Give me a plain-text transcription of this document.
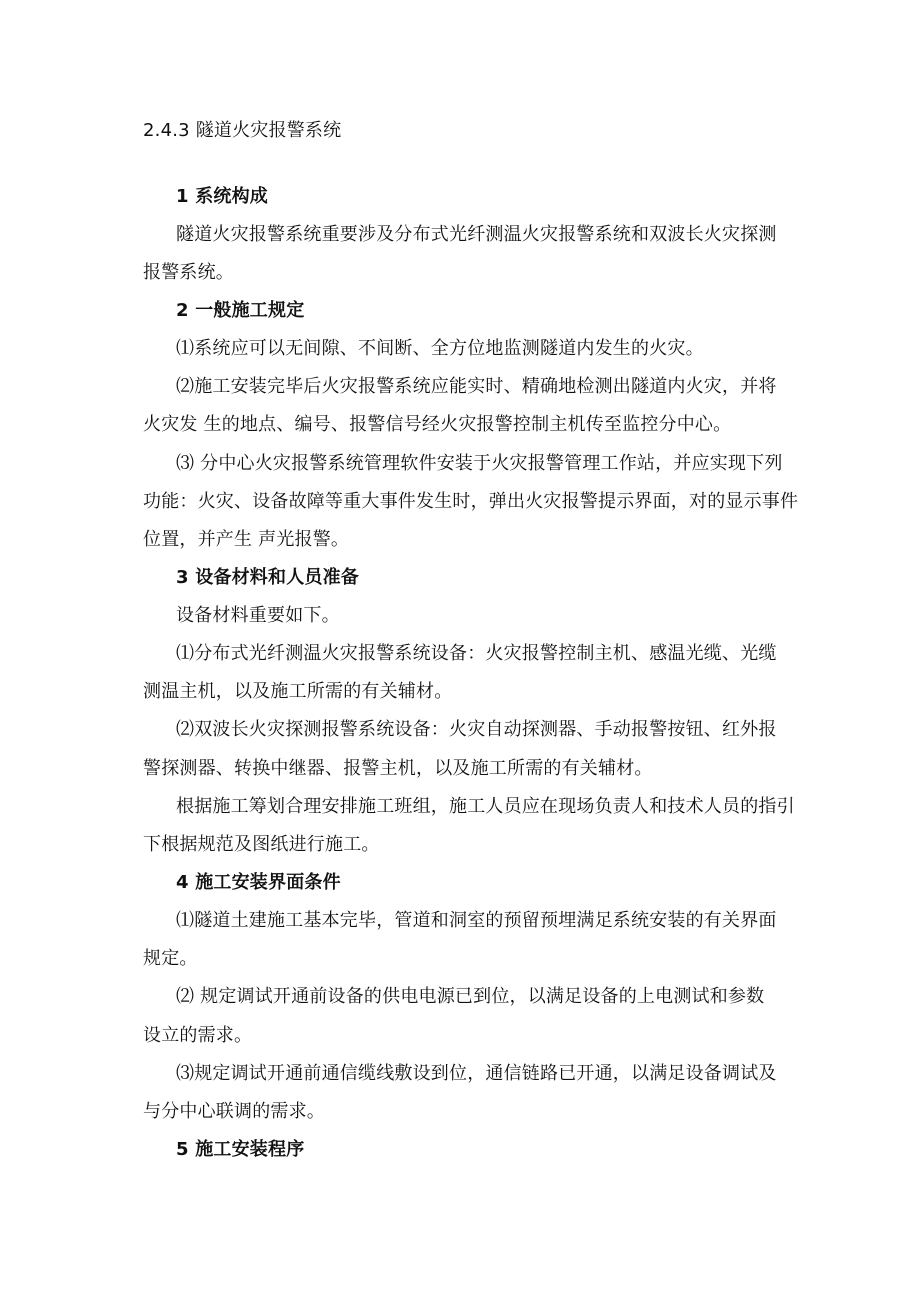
2.4.3 隧道火灾报警系统
1 系统构成
隧道火灾报警系统重要涉及分布式光纤测温火灾报警系统和双波长火灾探测
报警系统。
2 一般施工规定
⑴系统应可以无间隙、不间断、全方位地监测隧道内发生的火灾。
⑵施工安装完毕后火灾报警系统应能实时、精确地检测出隧道内火灾，并将
火灾发 生的地点、编号、报警信号经火灾报警控制主机传至监控分中心。
⑶ 分中心火灾报警系统管理软件安装于火灾报警管理工作站，并应实现下列
功能：火灾、设备故障等重大事件发生时，弹出火灾报警提示界面，对的显示事件
位置，并产生 声光报警。
3 设备材料和人员准备
设备材料重要如下。
⑴分布式光纤测温火灾报警系统设备：火灾报警控制主机、感温光缆、光缆
测温主机，以及施工所需的有关辅材。
⑵双波长火灾探测报警系统设备：火灾自动探测器、手动报警按钮、红外报
警探测器、转换中继器、报警主机，以及施工所需的有关辅材。
根据施工筹划合理安排施工班组，施工人员应在现场负责人和技术人员的指引
下根据规范及图纸进行施工。
4 施工安装界面条件
⑴隧道土建施工基本完毕，管道和洞室的预留预埋满足系统安装的有关界面
规定。
⑵ 规定调试开通前设备的供电电源已到位，以满足设备的上电测试和参数
设立的需求。
⑶规定调试开通前通信缆线敷设到位，通信链路已开通，以满足设备调试及
与分中心联调的需求。
5 施工安装程序
